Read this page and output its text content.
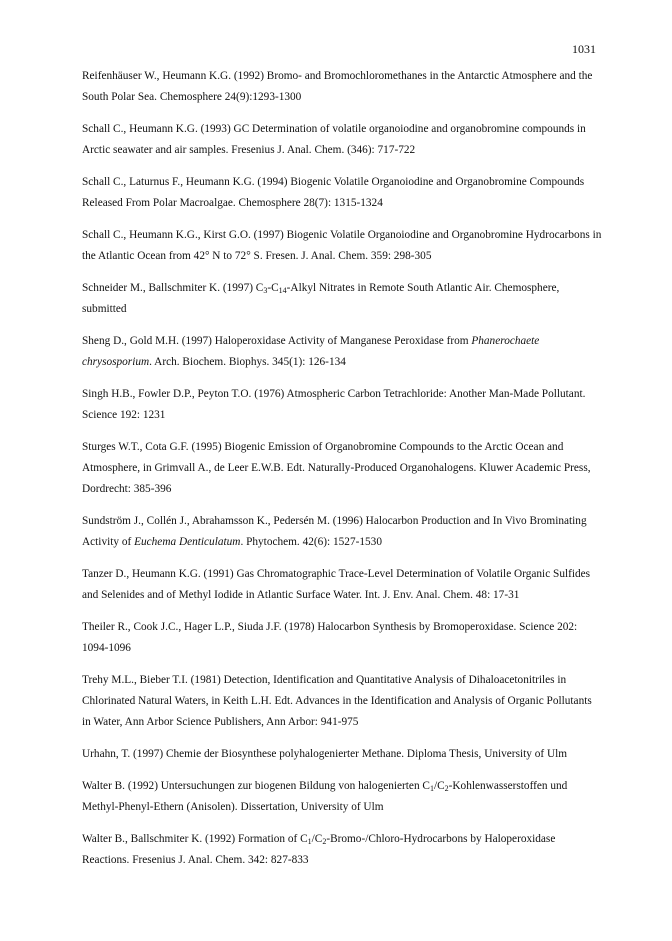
1031

Reifenhäuser W., Heumann K.G. (1992) Bromo- and Bromochloromethanes in the Antarctic Atmosphere and the South Polar Sea. Chemosphere 24(9):1293-1300

Schall C., Heumann K.G. (1993) GC Determination of volatile organoiodine and organobromine compounds in Arctic seawater and air samples. Fresenius J. Anal. Chem. (346): 717-722

Schall C., Laturnus F., Heumann K.G. (1994) Biogenic Volatile Organoiodine and Organobromine Compounds Released From Polar Macroalgae. Chemosphere 28(7): 1315-1324

Schall C., Heumann K.G., Kirst G.O. (1997) Biogenic Volatile Organoiodine and Organobromine Hydrocarbons in the Atlantic Ocean from 42° N to 72° S. Fresen. J. Anal. Chem. 359: 298-305

Schneider M., Ballschmiter K. (1997) $C_3-C_{14}$-Alkyl Nitrates in Remote South Atlantic Air. Chemosphere, submitted

Sheng D., Gold M.H. (1997) Haloperoxidase Activity of Manganese Peroxidase from Phanerochaete chrysosporium. Arch. Biochem. Biophys. 345(1): 126-134

Singh H.B., Fowler D.P., Peyton T.O. (1976) Atmospheric Carbon Tetrachloride: Another Man-Made Pollutant. Science 192: 1231

Sturges W.T., Cota G.F. (1995) Biogenic Emission of Organobromine Compounds to the Arctic Ocean and Atmosphere, in Grimvall A., de Leer E.W.B. Edt. Naturally-Produced Organohalogens. Kluwer Academic Press, Dordrecht: 385-396

Sundström J., Collén J., Abrahamsson K., Pedersén M. (1996) Halocarbon Production and In Vivo Brominating Activity of Euchema Denticulatum. Phytochem. 42(6): 1527-1530

Tanzer D., Heumann K.G. (1991) Gas Chromatographic Trace-Level Determination of Volatile Organic Sulfides and Selenides and of Methyl Iodide in Atlantic Surface Water. Int. J. Env. Anal. Chem. 48: 17-31

Theiler R., Cook J.C., Hager L.P., Siuda J.F. (1978) Halocarbon Synthesis by Bromoperoxidase. Science 202: 1094-1096

Trehy M.L., Bieber T.I. (1981) Detection, Identification and Quantitative Analysis of Dihaloacetonitriles in Chlorinated Natural Waters, in Keith L.H. Edt. Advances in the Identification and Analysis of Organic Pollutants in Water, Ann Arbor Science Publishers, Ann Arbor: 941-975

Urhahn, T. (1997) Chemie der Biosynthese polyhalogenierter Methane. Diploma Thesis, University of Ulm

Walter B. (1992) Untersuchungen zur biogenen Bildung von halogenierten $C_1/C_2$-Kohlenwasserstoffen und Methyl-Phenyl-Ethern (Anisolen). Dissertation, University of Ulm

Walter B., Ballschmiter K. (1992) Formation of $C_1/C_2-Bromo-/Chloro$-Hydrocarbons by Haloperoxidase Reactions. Fresenius J. Anal. Chem. 342: 827-833
